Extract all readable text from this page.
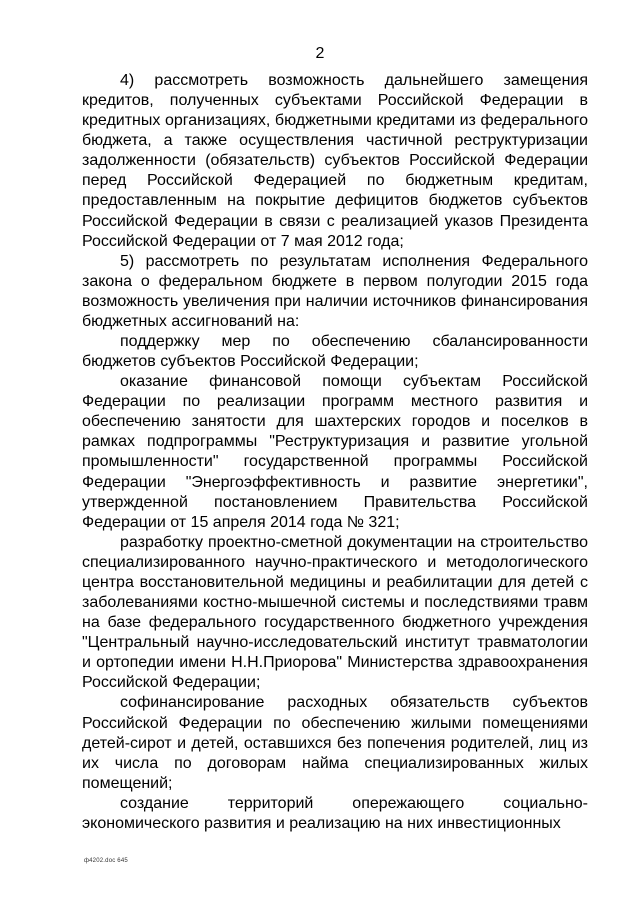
2

4) рассмотреть возможность дальнейшего замещения кредитов, полученных субъектами Российской Федерации в кредитных организациях, бюджетными кредитами из федерального бюджета, а также осуществления частичной реструктуризации задолженности (обязательств) субъектов Российской Федерации перед Российской Федерацией по бюджетным кредитам, предоставленным на покрытие дефицитов бюджетов субъектов Российской Федерации в связи с реализацией указов Президента Российской Федерации от 7 мая 2012 года;

5) рассмотреть по результатам исполнения Федерального закона о федеральном бюджете в первом полугодии 2015 года возможность увеличения при наличии источников финансирования бюджетных ассигнований на:

поддержку мер по обеспечению сбалансированности бюджетов субъектов Российской Федерации;

оказание финансовой помощи субъектам Российской Федерации по реализации программ местного развития и обеспечению занятости для шахтерских городов и поселков в рамках подпрограммы "Реструктуризация и развитие угольной промышленности" государственной программы Российской Федерации "Энергоэффективность и развитие энергетики", утвержденной постановлением Правительства Российской Федерации от 15 апреля 2014 года № 321;

разработку проектно-сметной документации на строительство специализированного научно-практического и методологического центра восстановительной медицины и реабилитации для детей с заболеваниями костно-мышечной системы и последствиями травм на базе федерального государственного бюджетного учреждения "Центральный научно-исследовательский институт травматологии и ортопедии имени Н.Н.Приорова" Министерства здравоохранения Российской Федерации;

софинансирование расходных обязательств субъектов Российской Федерации по обеспечению жилыми помещениями детей-сирот и детей, оставшихся без попечения родителей, лиц из их числа по договорам найма специализированных жилых помещений;

создание территорий опережающего социально-экономического развития и реализацию на них инвестиционных

ф4202.doc 645
